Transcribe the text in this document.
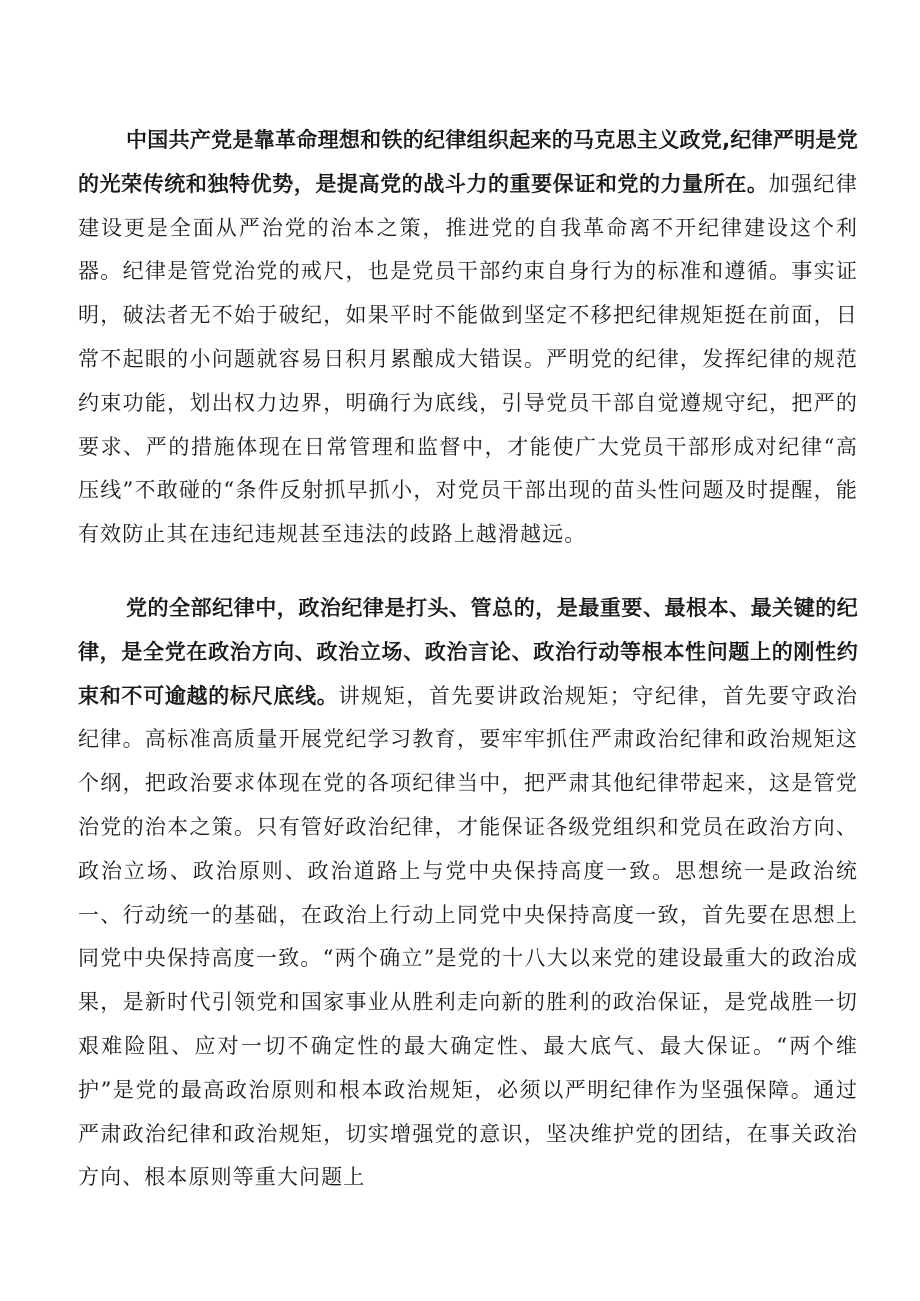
中国共产党是靠革命理想和铁的纪律组织起来的马克思主义政党,纪律严明是党的光荣传统和独特优势，是提高党的战斗力的重要保证和党的力量所在。加强纪律建设更是全面从严治党的治本之策，推进党的自我革命离不开纪律建设这个利器。纪律是管党治党的戒尺，也是党员干部约束自身行为的标准和遵循。事实证明，破法者无不始于破纪，如果平时不能做到坚定不移把纪律规矩挺在前面，日常不起眼的小问题就容易日积月累酿成大错误。严明党的纪律，发挥纪律的规范约束功能，划出权力边界，明确行为底线，引导党员干部自觉遵规守纪，把严的要求、严的措施体现在日常管理和监督中，才能使广大党员干部形成对纪律“高压线”不敢碰的“条件反射抓早抓小，对党员干部出现的苗头性问题及时提醒，能有效防止其在违纪违规甚至违法的歧路上越滑越远。

党的全部纪律中，政治纪律是打头、管总的，是最重要、最根本、最关键的纪律，是全党在政治方向、政治立场、政治言论、政治行动等根本性问题上的刚性约束和不可逾越的标尺底线。讲规矩，首先要讲政治规矩；守纪律，首先要守政治纪律。高标准高质量开展党纪学习教育，要牢牢抓住严肃政治纪律和政治规矩这个纲，把政治要求体现在党的各项纪律当中，把严肃其他纪律带起来，这是管党治党的治本之策。只有管好政治纪律，才能保证各级党组织和党员在政治方向、政治立场、政治原则、政治道路上与党中央保持高度一致。思想统一是政治统一、行动统一的基础，在政治上行动上同党中央保持高度一致，首先要在思想上同党中央保持高度一致。“两个确立”是党的十八大以来党的建设最重大的政治成果，是新时代引领党和国家事业从胜利走向新的胜利的政治保证，是党战胜一切艰难险阻、应对一切不确定性的最大确定性、最大底气、最大保证。“两个维护”是党的最高政治原则和根本政治规矩，必须以严明纪律作为坚强保障。通过严肃政治纪律和政治规矩，切实增强党的意识，坚决维护党的团结，在事关政治方向、根本原则等重大问题上
